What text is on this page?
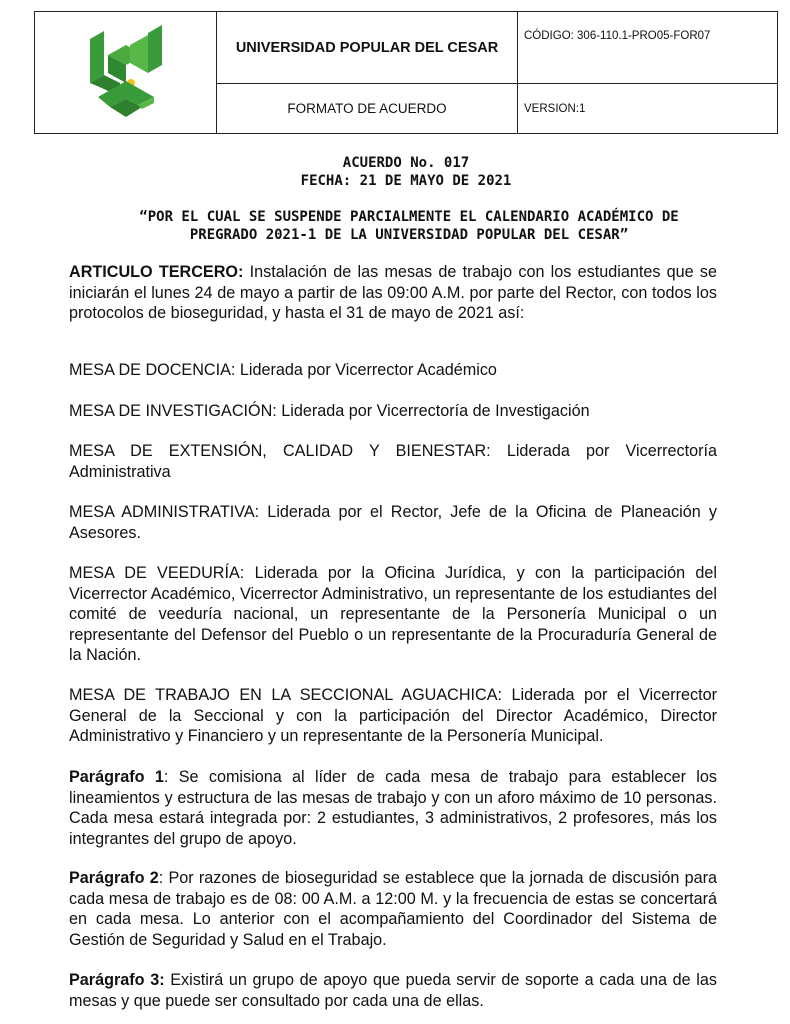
	UNIVERSIDAD POPULAR DEL CESAR	CÓDIGO: 306-110.1-PRO05-FOR07
	FORMATO DE ACUERDO	VERSION:1
ACUERDO No. 017
FECHA: 21 DE MAYO DE 2021
“POR EL CUAL SE SUSPENDE PARCIALMENTE EL CALENDARIO ACADÉMICO DE
PREGRADO 2021-1 DE LA UNIVERSIDAD POPULAR DEL CESAR”

ARTICULO TERCERO: Instalación de las mesas de trabajo con los estudiantes que se iniciarán el lunes 24 de mayo a partir de las 09:00 A.M. por parte del Rector, con todos los protocolos de bioseguridad, y hasta el 31 de mayo de 2021 así:

MESA DE DOCENCIA: Liderada por Vicerrector Académico
MESA DE INVESTIGACIÓN: Liderada por Vicerrectoría de Investigación
MESA DE EXTENSIÓN, CALIDAD Y BIENESTAR: Liderada por Vicerrectoría Administrativa
MESA ADMINISTRATIVA: Liderada por el Rector, Jefe de la Oficina de Planeación y Asesores.
MESA DE VEEDURÍA: Liderada por la Oficina Jurídica, y con la participación del Vicerrector Académico, Vicerrector Administrativo, un representante de los estudiantes del comité de veeduría nacional, un representante de la Personería Municipal o un representante del Defensor del Pueblo o un representante de la Procuraduría General de la Nación.
MESA DE TRABAJO EN LA SECCIONAL AGUACHICA: Liderada por el Vicerrector General de la Seccional y con la participación del Director Académico, Director Administrativo y Financiero y un representante de la Personería Municipal.

Parágrafo 1: Se comisiona al líder de cada mesa de trabajo para establecer los lineamientos y estructura de las mesas de trabajo y con un aforo máximo de 10 personas. Cada mesa estará integrada por: 2 estudiantes, 3 administrativos, 2 profesores, más los integrantes del grupo de apoyo.

Parágrafo 2: Por razones de bioseguridad se establece que la jornada de discusión para cada mesa de trabajo es de 08: 00 A.M. a 12:00 M. y la frecuencia de estas se concertará en cada mesa. Lo anterior con el acompañamiento del Coordinador del Sistema de Gestión de Seguridad y Salud en el Trabajo.

Parágrafo 3: Existirá un grupo de apoyo que pueda servir de soporte a cada una de las mesas y que puede ser consultado por cada una de ellas.
